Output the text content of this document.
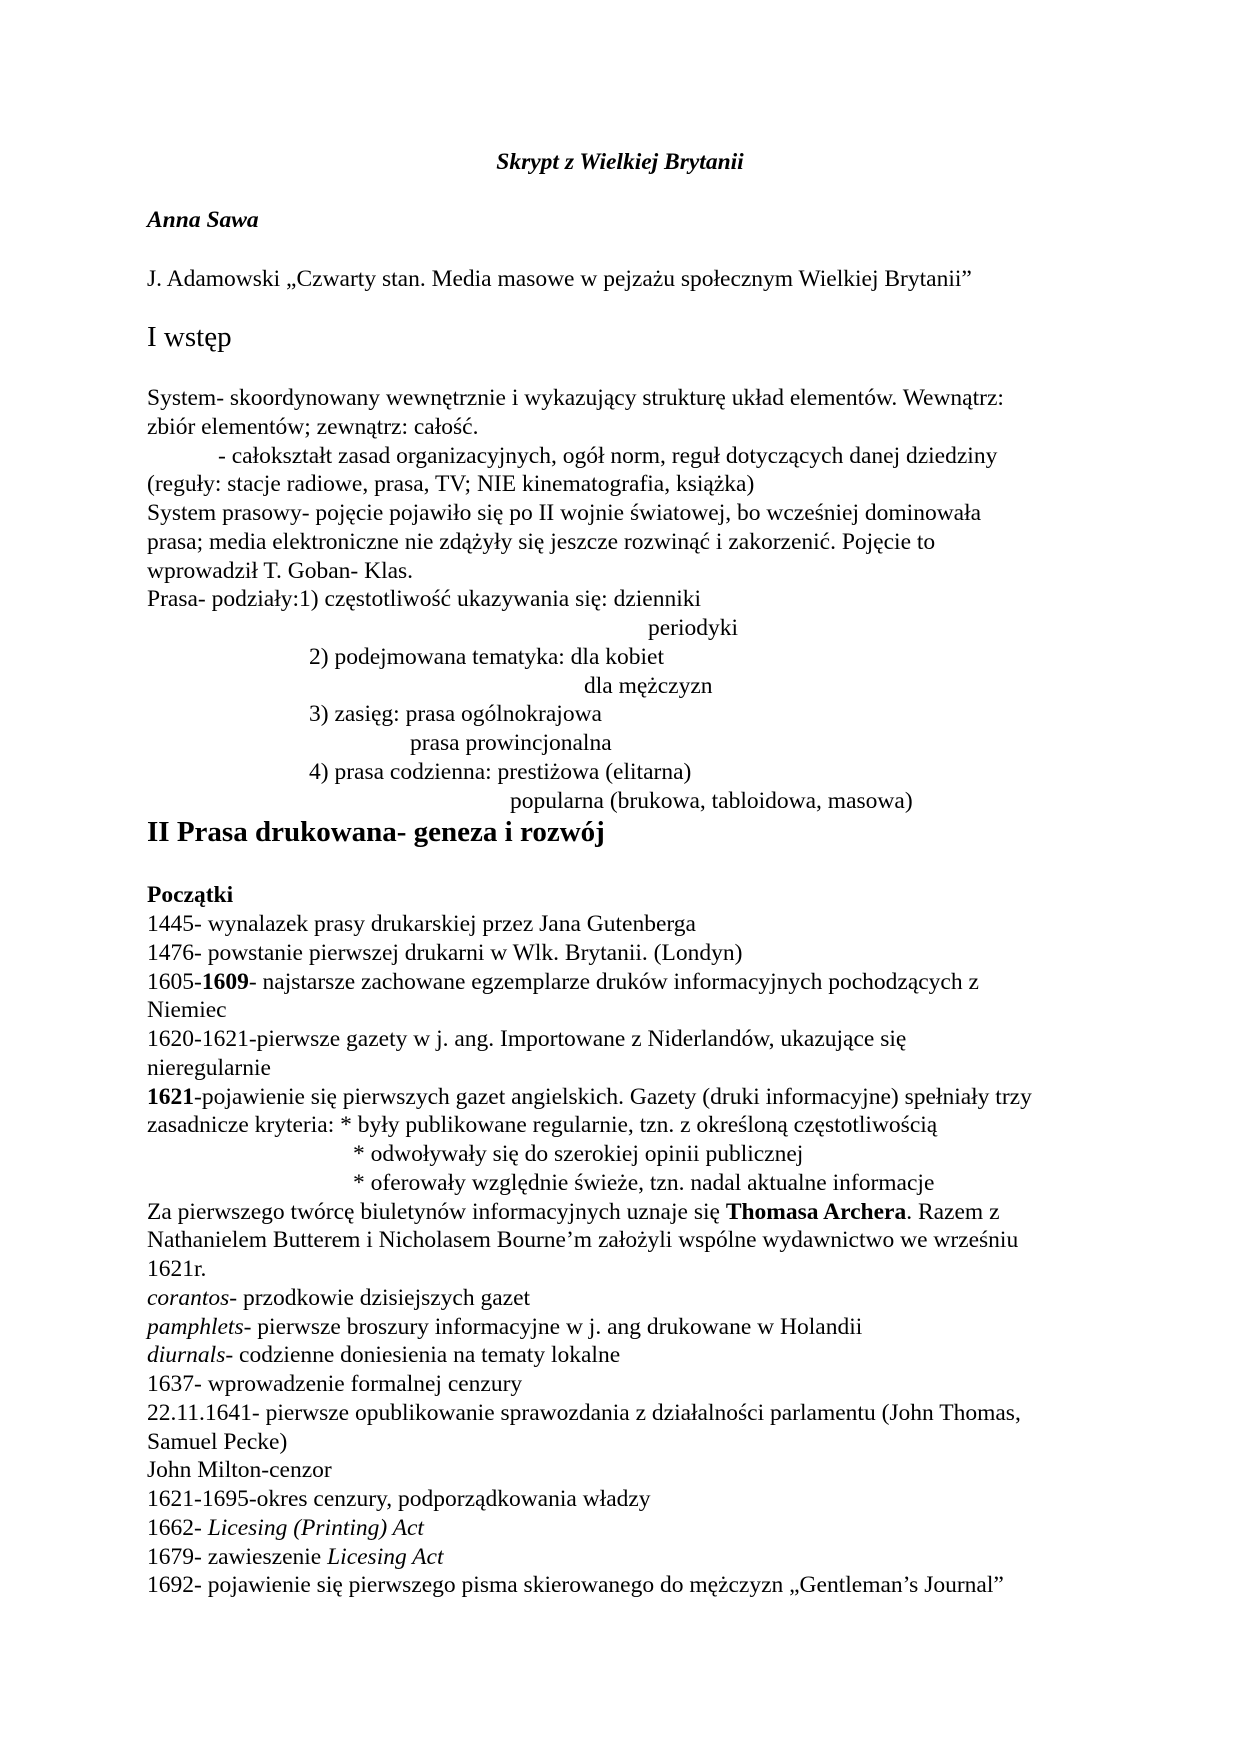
Skrypt z Wielkiej Brytanii
Anna Sawa
J. Adamowski „Czwarty stan. Media masowe w pejzażu społecznym Wielkiej Brytanii”
I wstęp
System- skoordynowany wewnętrznie i wykazujący strukturę układ elementów. Wewnątrz:
zbiór elementów; zewnątrz: całość.
- całokształt zasad organizacyjnych, ogół norm, reguł dotyczących danej dziedziny
(reguły: stacje radiowe, prasa, TV; NIE kinematografia, książka)
System prasowy- pojęcie pojawiło się po II wojnie światowej, bo wcześniej dominowała
prasa; media elektroniczne nie zdążyły się jeszcze rozwinąć i zakorzenić. Pojęcie to
wprowadził T. Goban- Klas.
Prasa- podziały:1) częstotliwość ukazywania się: dzienniki
periodyki
2) podejmowana tematyka: dla kobiet
dla mężczyzn
3) zasięg: prasa ogólnokrajowa
prasa prowincjonalna
4) prasa codzienna: prestiżowa (elitarna)
popularna (brukowa, tabloidowa, masowa)
II Prasa drukowana- geneza i rozwój
Początki
1445- wynalazek prasy drukarskiej przez Jana Gutenberga
1476- powstanie pierwszej drukarni w Wlk. Brytanii. (Londyn)
1605-1609- najstarsze zachowane egzemplarze druków informacyjnych pochodzących z
Niemiec
1620-1621-pierwsze gazety w j. ang. Importowane z Niderlandów, ukazujące się
nieregularnie
1621-pojawienie się pierwszych gazet angielskich. Gazety (druki informacyjne) spełniały trzy
zasadnicze kryteria: * były publikowane regularnie, tzn. z określoną częstotliwością
* odwoływały się do szerokiej opinii publicznej
* oferowały względnie świeże, tzn. nadal aktualne informacje
Za pierwszego twórcę biuletynów informacyjnych uznaje się Thomasa Archera. Razem z
Nathanielem Butterem i Nicholasem Bourne’m założyli wspólne wydawnictwo we wrześniu
1621r.
corantos- przodkowie dzisiejszych gazet
pamphlets- pierwsze broszury informacyjne w j. ang drukowane w Holandii
diurnals- codzienne doniesienia na tematy lokalne
1637- wprowadzenie formalnej cenzury
22.11.1641- pierwsze opublikowanie sprawozdania z działalności parlamentu (John Thomas,
Samuel Pecke)
John Milton-cenzor
1621-1695-okres cenzury, podporządkowania władzy
1662- Licesing (Printing) Act
1679- zawieszenie Licesing Act
1692- pojawienie się pierwszego pisma skierowanego do mężczyzn „Gentleman’s Journal”
